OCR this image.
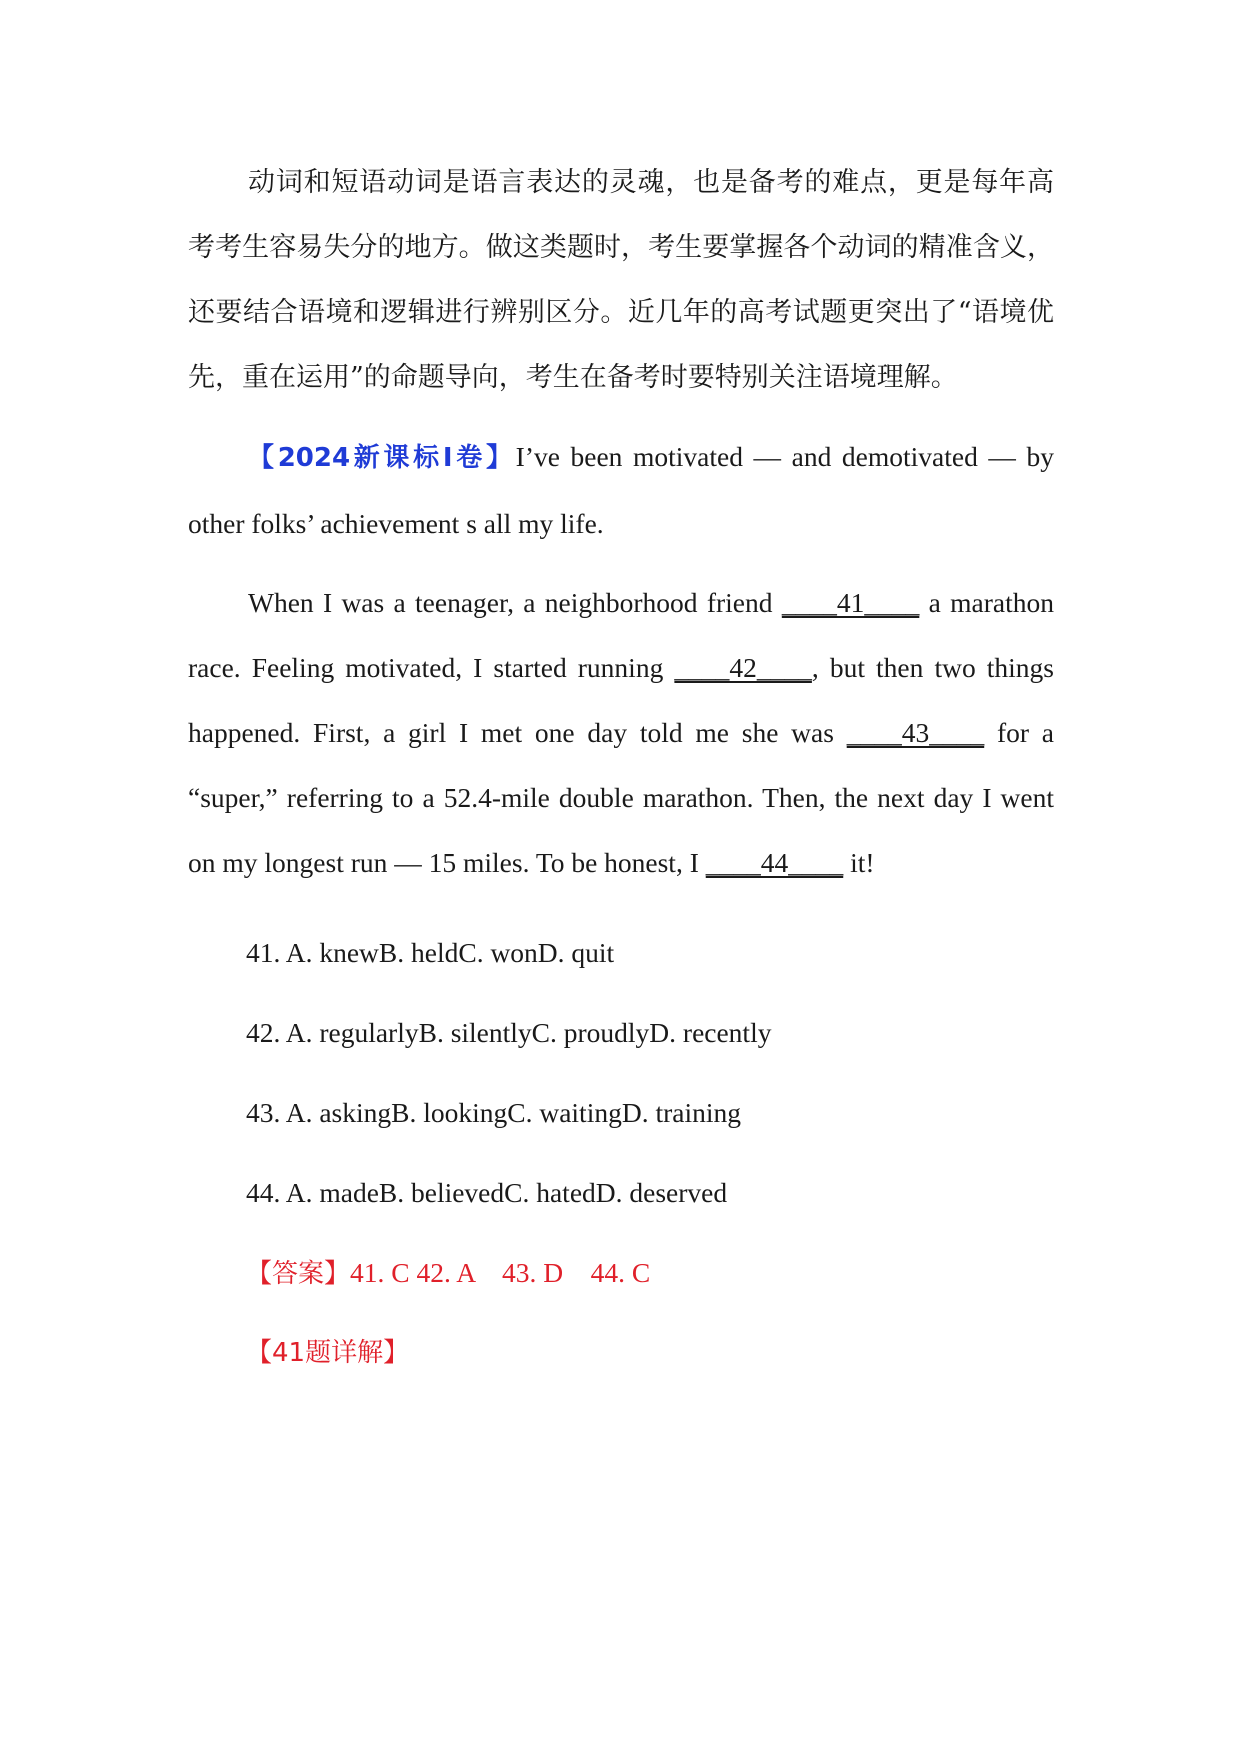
动词和短语动词是语言表达的灵魂，也是备考的难点，更是每年高考考生容易失分的地方。做这类题时，考生要掌握各个动词的精准含义，还要结合语境和逻辑进行辨别区分。近几年的高考试题更突出了“语境优先，重在运用”的命题导向，考生在备考时要特别关注语境理解。

【2024新课标Ⅰ卷】I’ve been motivated — and demotivated — by other folks’ achievement s all my life.

When I was a teenager, a neighborhood friend ____41____ a marathon race. Feeling motivated, I started running ____42____, but then two things happened. First, a girl I met one day told me she was ____43____ for a “super,” referring to a 52.4-mile double marathon. Then, the next day I went on my longest run — 15 miles. To be honest, I ____44____ it!

41. A. knewB. heldC. wonD. quit
42. A. regularlyB. silentlyC. proudlyD. recently
43. A. askingB. lookingC. waitingD. training
44. A. madeB. believedC. hatedD. deserved
【答案】41. C 42. A    43. D    44. C
【41题详解】
